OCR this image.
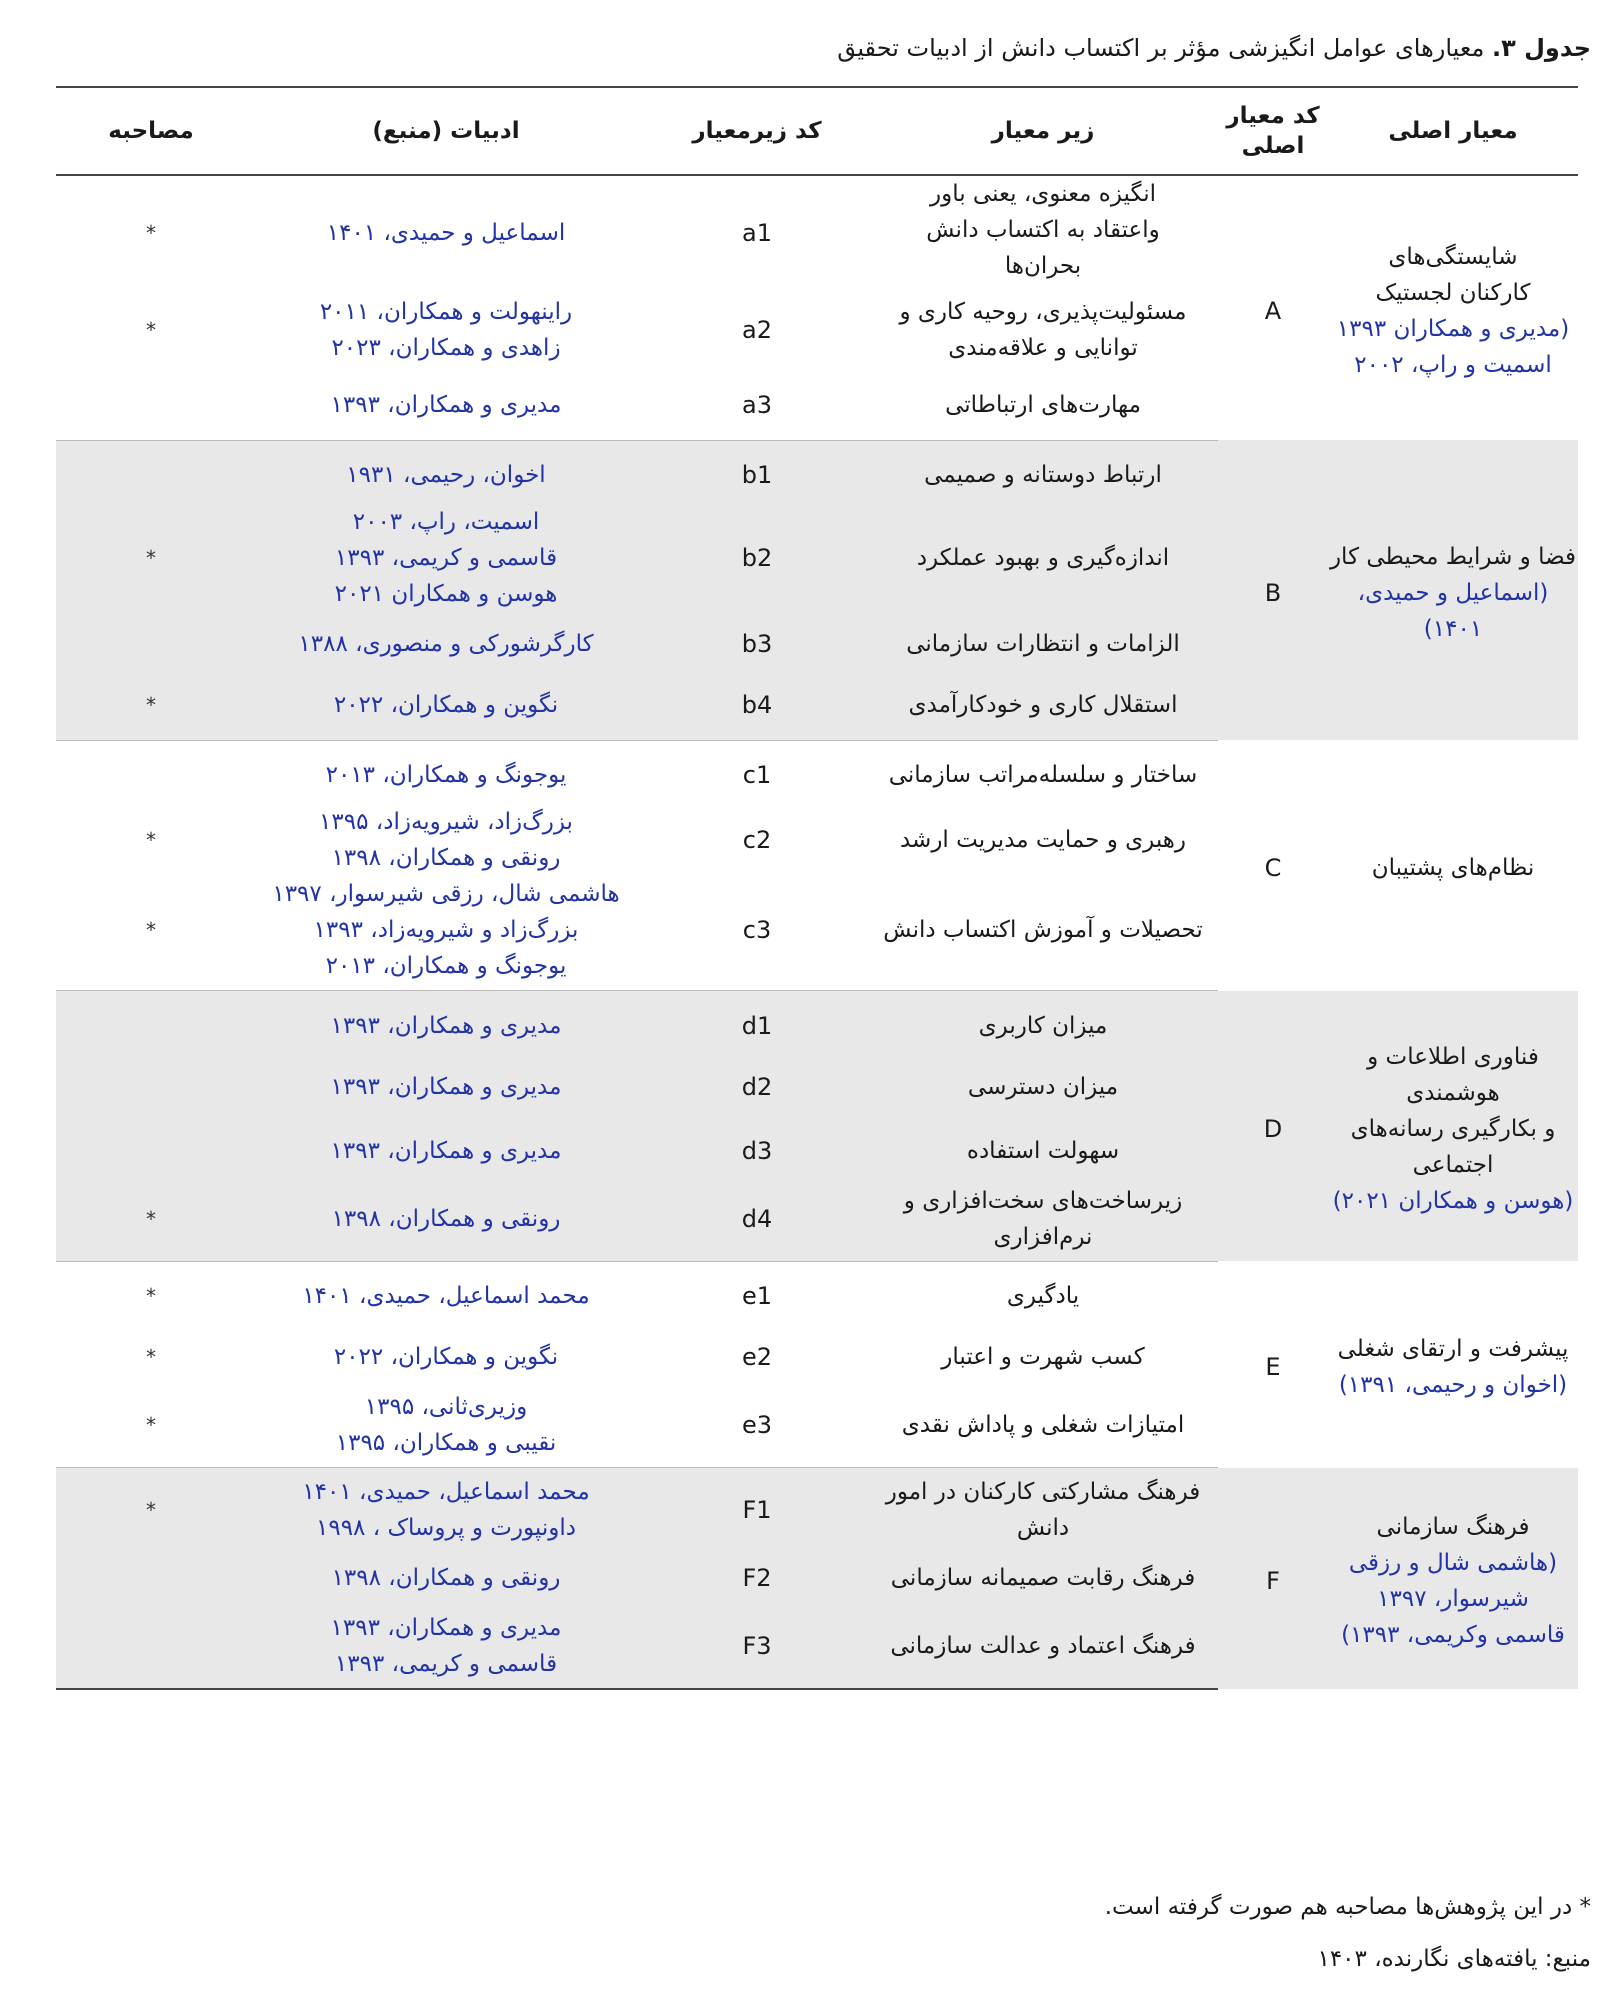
جدول ۳. معیارهای عوامل انگیزشی مؤثر بر اکتساب دانش از ادبیات تحقیق
معیار اصلی	کد معیار اصلی	زیر معیار	کد زیرمعیار	ادبیات (منبع)	مصاحبه

شایستگی‌های
کارکنان لجستیک
(مدیری و همکاران ۱۳۹۳
اسمیت و راپ، ۲۰۰۲	A	انگیزه معنوی، یعنی باور واعتقاد به اکتساب دانش بحران‌ها	a1	اسماعیل و حمیدی، ۱۴۰۱	*
		مسئولیت‌پذیری، روحیه کاری و توانایی و علاقه‌مندی	a2	راینهولت و همکاران، ۲۰۱۱
زاهدی و همکاران، ۲۰۲۳	*
		مهارت‌های ارتباطاتی	a3	مدیری و همکاران، ۱۳۹۳	

فضا و شرایط محیطی کار
(اسماعیل و حمیدی، ۱۴۰۱)	B	ارتباط دوستانه و صمیمی	b1	اخوان، رحیمی، ۱۹۳۱	

		اندازه‌گیری و بهبود عملکرد	b2	اسمیت، راپ، ۲۰۰۳
قاسمی و کریمی، ۱۳۹۳
هوسن و همکاران ۲۰۲۱	*
		الزامات و انتظارات سازمانی	b3	کارگرشورکی و منصوری، ۱۳۸۸	

		استقلال کاری و خودکارآمدی	b4	نگوین و همکاران، ۲۰۲۲	*

نظام‌های پشتیبان	C	ساختار و سلسله‌مراتب سازمانی	c1	یوجونگ و همکاران، ۲۰۱۳	

		رهبری و حمایت مدیریت ارشد	c2	بزرگ‌زاد، شیرویه‌زاد، ۱۳۹۵
رونقی و همکاران، ۱۳۹۸	*
		تحصیلات و آموزش اکتساب دانش	c3	هاشمی شال، رزقی شیرسوار، ۱۳۹۷
بزرگ‌زاد و شیرویه‌زاد، ۱۳۹۳
یوجونگ و همکاران، ۲۰۱۳	*

فناوری اطلاعات و هوشمندی
و بکارگیری رسانه‌های اجتماعی
(هوسن و همکاران ۲۰۲۱)	D	میزان کاربری	d1	مدیری و همکاران، ۱۳۹۳	

		میزان دسترسی	d2	مدیری و همکاران، ۱۳۹۳	

		سهولت استفاده	d3	مدیری و همکاران، ۱۳۹۳	

		زیرساخت‌های سخت‌افزاری و نرم‌افزاری	d4	رونقی و همکاران، ۱۳۹۸	*

پیشرفت و ارتقای شغلی
(اخوان و رحیمی، ۱۳۹۱)	E	یادگیری	e1	محمد اسماعیل، حمیدی، ۱۴۰۱	*
		کسب شهرت و اعتبار	e2	نگوین و همکاران، ۲۰۲۲	*
		امتیازات شغلی و پاداش نقدی	e3	وزیری‌ثانی، ۱۳۹۵
نقیبی و همکاران، ۱۳۹۵	*

فرهنگ سازمانی
(هاشمی شال و رزقی
شیرسوار، ۱۳۹۷
قاسمی وکریمی، ۱۳۹۳)	F	فرهنگ مشارکتی کارکنان در امور دانش	F1	محمد اسماعیل، حمیدی، ۱۴۰۱
داونپورت و پروساک ، ۱۹۹۸	*
		فرهنگ رقابت صمیمانه سازمانی	F2	رونقی و همکاران، ۱۳۹۸	

		فرهنگ اعتماد و عدالت سازمانی	F3	مدیری و همکاران، ۱۳۹۳
قاسمی و کریمی، ۱۳۹۳	

* در این پژوهش‌ها مصاحبه هم صورت گرفته است.
منبع: یافته‌های نگارنده، ۱۴۰۳
